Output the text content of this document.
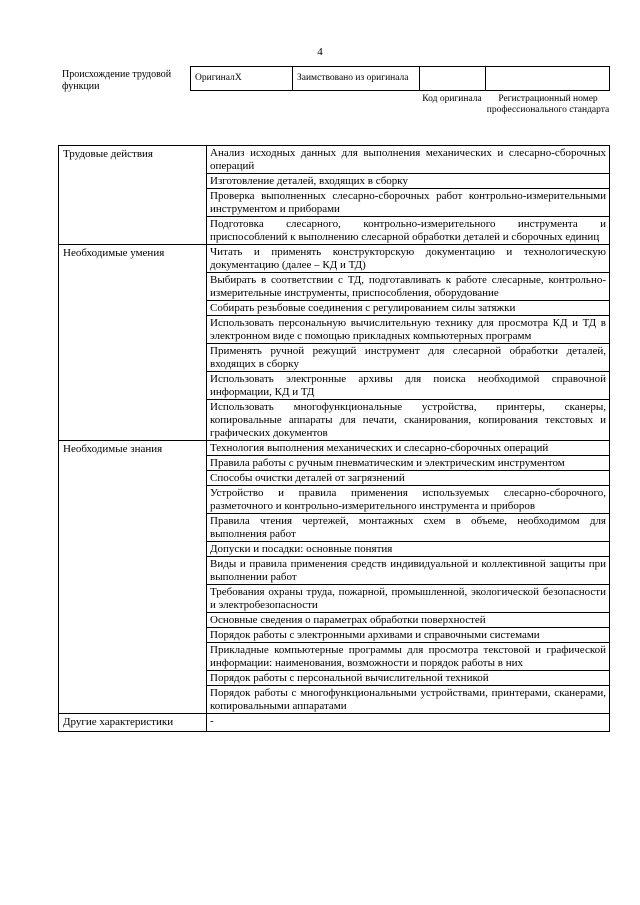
4
Происхождение трудовой функции
ОригиналX	Заимствовано из оригинала		
Код оригинала	Регистрационный номер профессионального стандарта
Трудовые действия	Анализ исходных данных для выполнения механических и слесарно-сборочных операций
	Изготовление деталей, входящих в сборку
	Проверка выполненных слесарно-сборочных работ контрольно-измерительными инструментом и приборами
	Подготовка слесарного, контрольно-измерительного инструмента и приспособлений к выполнению слесарной обработки деталей и сборочных единиц
Необходимые умения	Читать и применять конструкторскую документацию и технологическую документацию (далее – КД и ТД)
	Выбирать в соответствии с ТД, подготавливать к работе слесарные, контрольно-измерительные инструменты, приспособления, оборудование
	Собирать резьбовые соединения с регулированием силы затяжки
	Использовать персональную вычислительную технику для просмотра КД и ТД в электронном виде с помощью прикладных компьютерных программ
	Применять ручной режущий инструмент для слесарной обработки деталей, входящих в сборку
	Использовать электронные архивы для поиска необходимой справочной информации, КД и ТД
	Использовать многофункциональные устройства, принтеры, сканеры, копировальные аппараты для печати, сканирования, копирования текстовых и графических документов
Необходимые знания	Технология выполнения механических и слесарно-сборочных операций
	Правила работы с ручным пневматическим и электрическим инструментом
	Способы очистки деталей от загрязнений
	Устройство и правила применения используемых слесарно-сборочного, разметочного и контрольно-измерительного инструмента и приборов
	Правила чтения чертежей, монтажных схем в объеме, необходимом для выполнения работ
	Допуски и посадки: основные понятия
	Виды и правила применения средств индивидуальной и коллективной защиты при выполнении работ
	Требования охраны труда, пожарной, промышленной, экологической безопасности и электробезопасности
	Основные сведения о параметрах обработки поверхностей
	Порядок работы с электронными архивами и справочными системами
	Прикладные компьютерные программы для просмотра текстовой и графической информации: наименования, возможности и порядок работы в них
	Порядок работы с персональной вычислительной техникой
	Порядок работы с многофункциональными устройствами, принтерами, сканерами, копировальными аппаратами
Другие характеристики	-
